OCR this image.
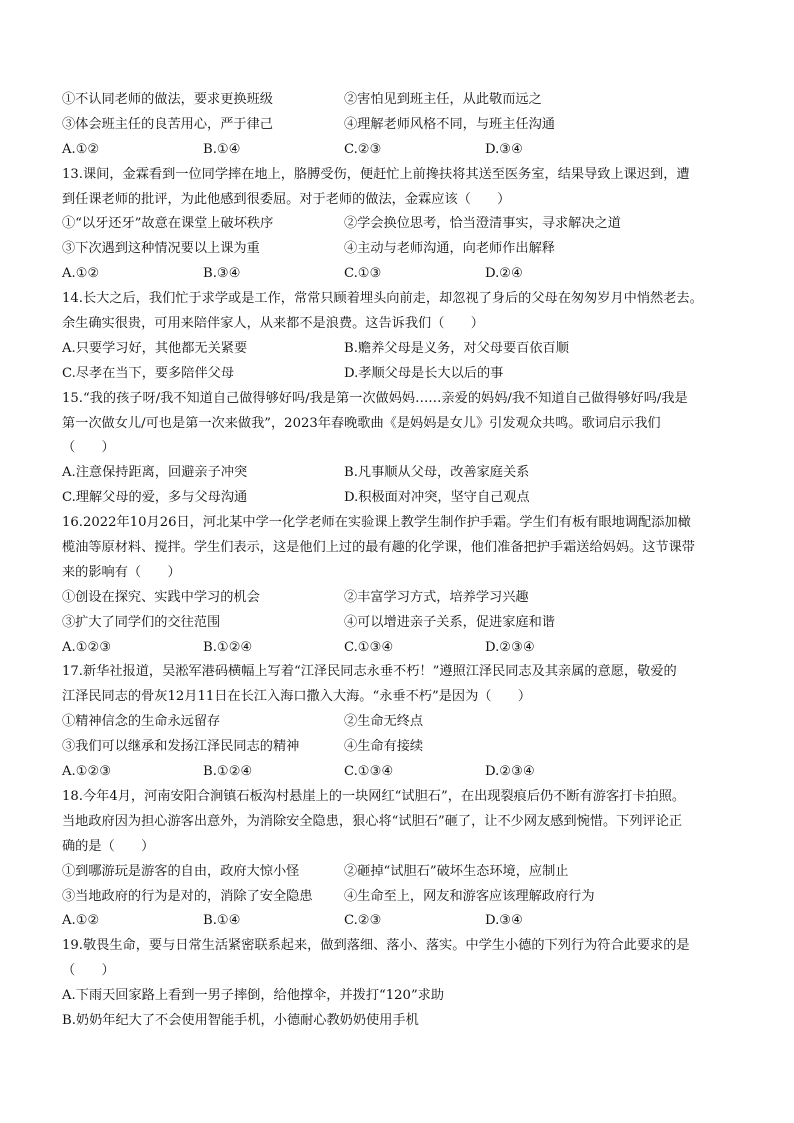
①不认同老师的做法，要求更换班级	②害怕见到班主任，从此敬而远之
③体会班主任的良苦用心，严于律己	④理解老师风格不同，与班主任沟通
A.①②	B.①④	C.②③	D.③④
13.课间，金霖看到一位同学摔在地上，胳膊受伤，便赶忙上前搀扶将其送至医务室，结果导致上课迟到，遭
到任课老师的批评，为此他感到很委屈。对于老师的做法，金霖应该（　　）
①“以牙还牙”故意在课堂上破坏秩序	②学会换位思考，恰当澄清事实，寻求解决之道
③下次遇到这种情况要以上课为重	④主动与老师沟通，向老师作出解释
A.①②	B.③④	C.①③	D.②④
14.长大之后，我们忙于求学或是工作，常常只顾着埋头向前走，却忽视了身后的父母在匆匆岁月中悄然老去。
余生确实很贵，可用来陪伴家人，从来都不是浪费。这告诉我们（　　）
A.只要学习好，其他都无关紧要	B.赡养父母是义务，对父母要百依百顺
C.尽孝在当下，要多陪伴父母	D.孝顺父母是长大以后的事
15.“我的孩子呀/我不知道自己做得够好吗/我是第一次做妈妈……亲爱的妈妈/我不知道自己做得够好吗/我是
第一次做女儿/可也是第一次来做我”，2023年春晚歌曲《是妈妈是女儿》引发观众共鸣。歌词启示我们
（　　）
A.注意保持距离，回避亲子冲突	B.凡事顺从父母，改善家庭关系
C.理解父母的爱，多与父母沟通	D.积极面对冲突，坚守自己观点
16.2022年10月26日，河北某中学一化学老师在实验课上教学生制作护手霜。学生们有板有眼地调配添加橄
榄油等原材料、搅拌。学生们表示，这是他们上过的最有趣的化学课，他们准备把护手霜送给妈妈。这节课带
来的影响有（　　）
①创设在探究、实践中学习的机会	②丰富学习方式，培养学习兴趣
③扩大了同学们的交往范围	④可以增进亲子关系，促进家庭和谐
A.①②③	B.①②④	C.①③④	D.②③④
17.新华社报道，吴淞军港码横幅上写着“江泽民同志永垂不朽！”遵照江泽民同志及其亲属的意愿，敬爱的
江泽民同志的骨灰12月11日在长江入海口撒入大海。“永垂不朽”是因为（　　）
①精神信念的生命永远留存	②生命无终点
③我们可以继承和发扬江泽民同志的精神	④生命有接续
A.①②③	B.①②④	C.①③④	D.②③④
18.今年4月，河南安阳合涧镇石板沟村悬崖上的一块网红“试胆石”，在出现裂痕后仍不断有游客打卡拍照。
当地政府因为担心游客出意外，为消除安全隐患，狠心将“试胆石”砸了，让不少网友感到惋惜。下列评论正
确的是（　　）
①到哪游玩是游客的自由，政府大惊小怪	②砸掉“试胆石”破坏生态环境，应制止
③当地政府的行为是对的，消除了安全隐患 ④生命至上，网友和游客应该理解政府行为
A.①②	B.①④	C.②③	D.③④
19.敬畏生命，要与日常生活紧密联系起来，做到落细、落小、落实。中学生小德的下列行为符合此要求的是
（　　）
A.下雨天回家路上看到一男子摔倒，给他撑伞，并拨打“120”求助
B.奶奶年纪大了不会使用智能手机，小德耐心教奶奶使用手机
